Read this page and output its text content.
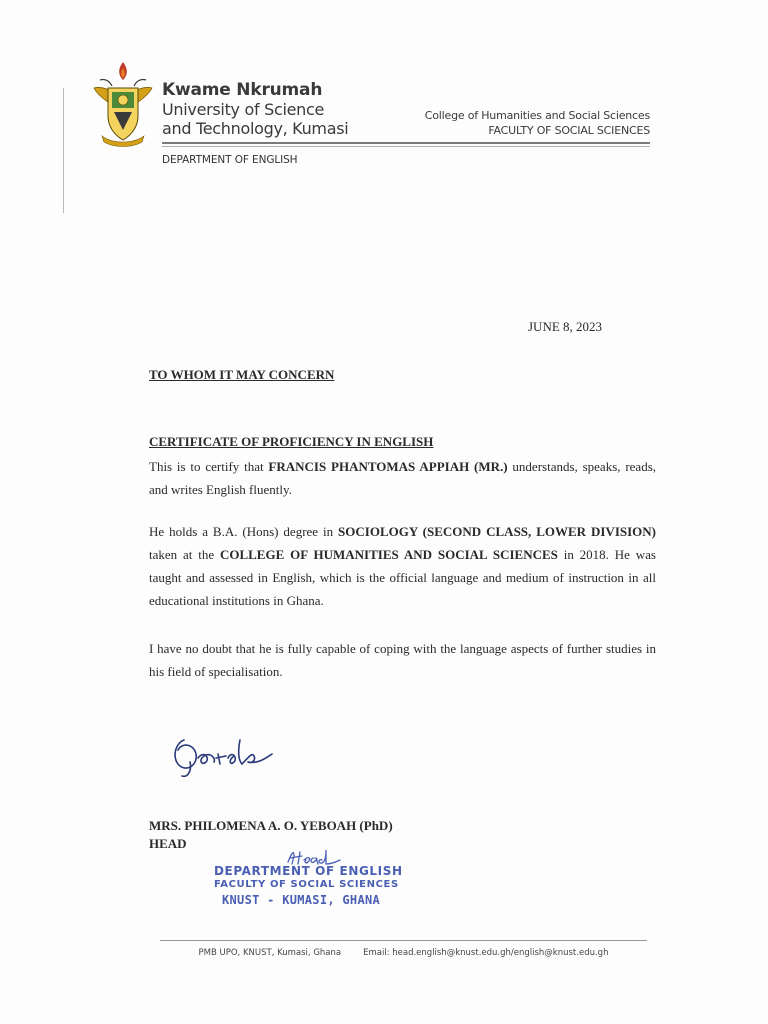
Kwame Nkrumah
University of Science
and Technology, Kumasi
College of Humanities and Social Sciences
FACULTY OF SOCIAL SCIENCES
DEPARTMENT OF ENGLISH
JUNE 8, 2023
TO WHOM IT MAY CONCERN
CERTIFICATE OF PROFICIENCY IN ENGLISH
This is to certify that FRANCIS PHANTOMAS APPIAH (MR.) understands, speaks, reads, and writes English fluently.
He holds a B.A. (Hons) degree in SOCIOLOGY (SECOND CLASS, LOWER DIVISION) taken at the COLLEGE OF HUMANITIES AND SOCIAL SCIENCES in 2018. He was taught and assessed in English, which is the official language and medium of instruction in all educational institutions in Ghana.
I have no doubt that he is fully capable of coping with the language aspects of further studies in his field of specialisation.
MRS. PHILOMENA A. O. YEBOAH (PhD)
HEAD
DEPARTMENT OF ENGLISH
FACULTY OF SOCIAL SCIENCES
KNUST - KUMASI, GHANA
PMB UPO, KNUST, Kumasi, Ghana	Email: head.english@knust.edu.gh/english@knust.edu.gh
